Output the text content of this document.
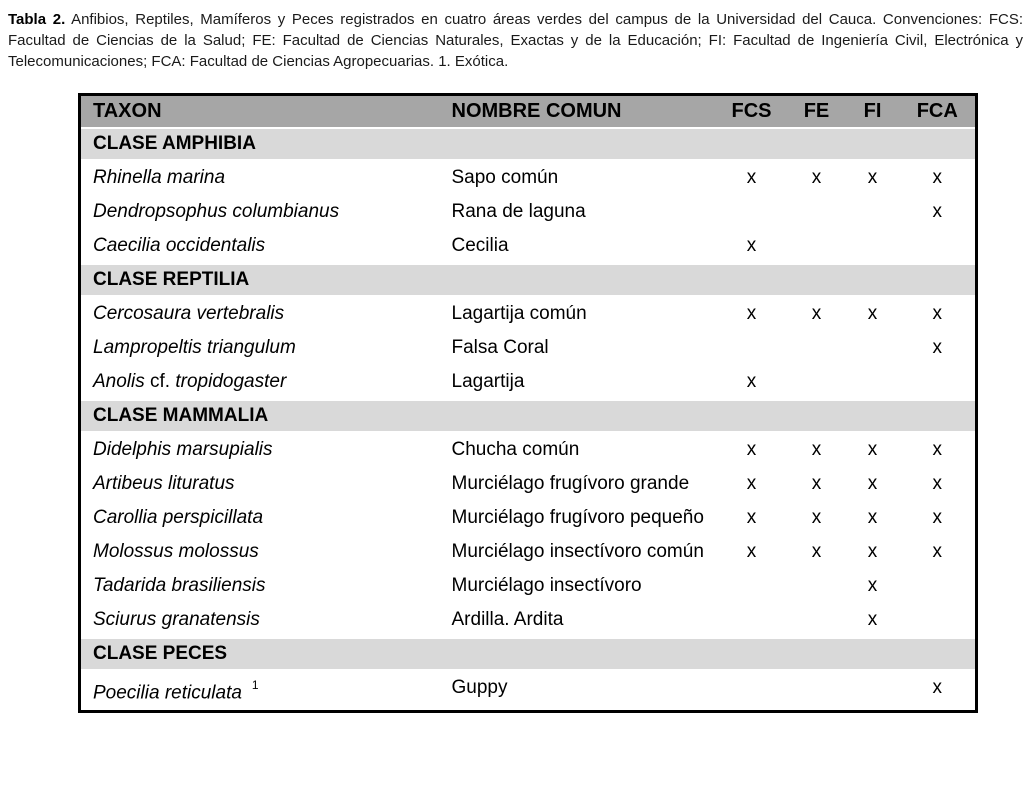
Tabla 2. Anfibios, Reptiles, Mamíferos y Peces registrados en cuatro áreas verdes del campus de la Universidad del Cauca. Convenciones: FCS: Facultad de Ciencias de la Salud; FE: Facultad de Ciencias Naturales, Exactas y de la Educación; FI: Facultad de Ingeniería Civil, Electrónica y Telecomunicaciones; FCA: Facultad de Ciencias Agropecuarias. 1. Exótica.
TAXON	NOMBRE COMUN	FCS	FE	FI	FCA
CLASE AMPHIBIA					
Rhinella marina	Sapo común	x	x	x	x
Dendropsophus columbianus	Rana de laguna				x
Caecilia occidentalis	Cecilia	x			
CLASE REPTILIA					
Cercosaura vertebralis	Lagartija común	x	x	x	x
Lampropeltis triangulum	Falsa Coral				x
Anolis cf. tropidogaster	Lagartija	x			
CLASE MAMMALIA					
Didelphis marsupialis	Chucha común	x	x	x	x
Artibeus lituratus	Murciélago frugívoro grande	x	x	x	x
Carollia perspicillata	Murciélago frugívoro pequeño	x	x	x	x
Molossus molossus	Murciélago insectívoro común	x	x	x	x
Tadarida brasiliensis	Murciélago insectívoro			x	
Sciurus granatensis	Ardilla. Ardita			x	
CLASE PECES					
Poecilia reticulata $^1$	Guppy				x
